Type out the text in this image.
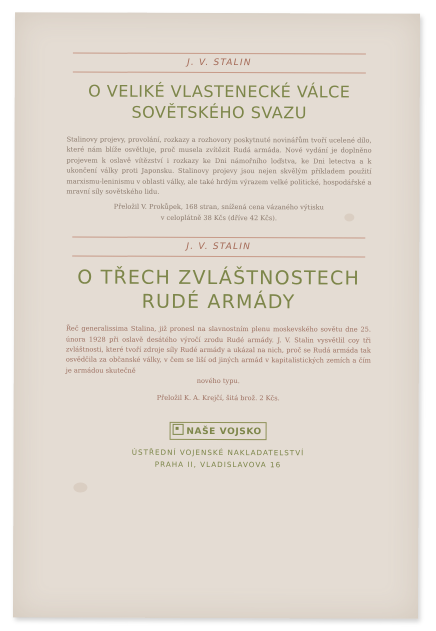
J. V. STALIN
O VELIKÉ VLASTENECKÉ VÁLCE
SOVĚTSKÉHO SVAZU
Stalinovy projevy, provolání, rozkazy a rozhovory poskytnuté novinářům tvoří ucelené dílo, které nám blíže osvětluje, proč musela zvítězit Rudá armáda. Nové vydání je doplněno projevem k oslavě vítězství i rozkazy ke Dni námořního loďstva, ke Dni letectva a k ukončení války proti Japonsku. Stalinovy projevy jsou nejen skvělým příkladem použití marxismu-leninismu v oblasti války, ale také hrdým výrazem velké politické, hospodářské a mravní síly sovětského lidu.
Přeložil V. Prokůpek, 168 stran, snížená cena vázaného výtisku
v celoplátně 38 Kčs (dříve 42 Kčs).
J. V. STALIN
O TŘECH ZVLÁŠTNOSTECH
RUDÉ ARMÁDY
Řeč generalissima Stalina, již pronesl na slavnostním plenu moskevského sovětu dne 25. února 1928 při oslavě desátého výročí zrodu Rudé armády. J. V. Stalin vysvětlil coy tři zvláštnosti, které tvoří zdroje síly Rudé armády a ukázal na nich, proč se Rudá armáda tak osvědčila za občanské války, v čem se liší od jiných armád v kapitalistických zemích a čím je armádou skutečně
nového typu.
Přeložil K. A. Krejčí, šitá brož. 2 Kčs.
NAŠE VOJSKO
ÚSTŘEDNÍ VOJENSKÉ NAKLADATELSTVÍ
PRAHA II, VLADISLAVOVA 16
